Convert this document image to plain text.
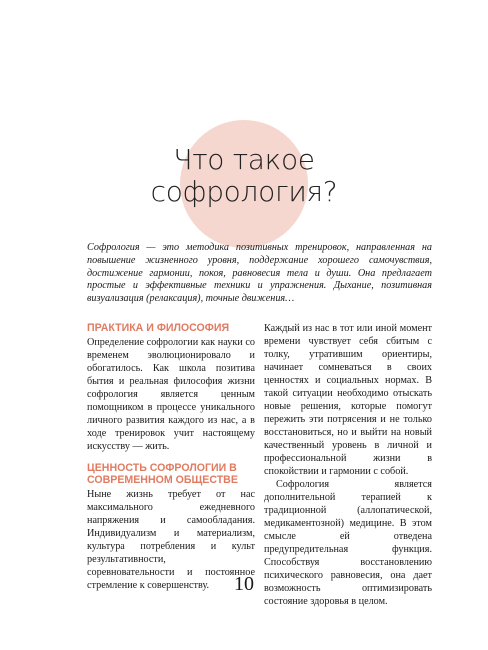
Что такое
софрология?

Софрология — это методика позитивных тренировок, направленная на повышение жизненного уровня, поддержание хорошего самочувствия, достижение гармонии, покоя, равновесия тела и души. Она предлагает простые и эффективные техники и упражнения. Дыхание, позитивная визуализация (релаксация), точные движения…

ПРАКТИКА И ФИЛОСОФИЯ

Определение софрологии как науки со временем эволюционировало и обогатилось. Как школа позитива бытия и реальная философия жизни софрология является ценным помощником в процессе уникального личного развития каждого из нас, а в ходе тренировок учит настоящему искусству — жить.

ЦЕННОСТЬ СОФРОЛОГИИ В СОВРЕМЕННОМ ОБЩЕСТВЕ

Ныне жизнь требует от нас максимального ежедневного напряжения и самообладания. Индивидуализм и материализм, культура потребления и культ результативности, соревновательности и постоянное стремление к совершенству.

Каждый из нас в тот или иной момент времени чувствует себя сбитым с толку, утратившим ориентиры, начинает сомневаться в своих ценностях и социальных нормах. В такой ситуации необходимо отыскать новые решения, которые помогут пережить эти потрясения и не только восстановиться, но и выйти на новый качественный уровень в личной и профессиональной жизни в спокойствии и гармонии с собой.

Софрология является дополнительной терапией к традиционной (аллопатической, медикаментозной) медицине. В этом смысле ей отведена предупредительная функция. Способствуя восстановлению психического равновесия, она дает возможность оптимизировать состояние здоровья в целом.

10
